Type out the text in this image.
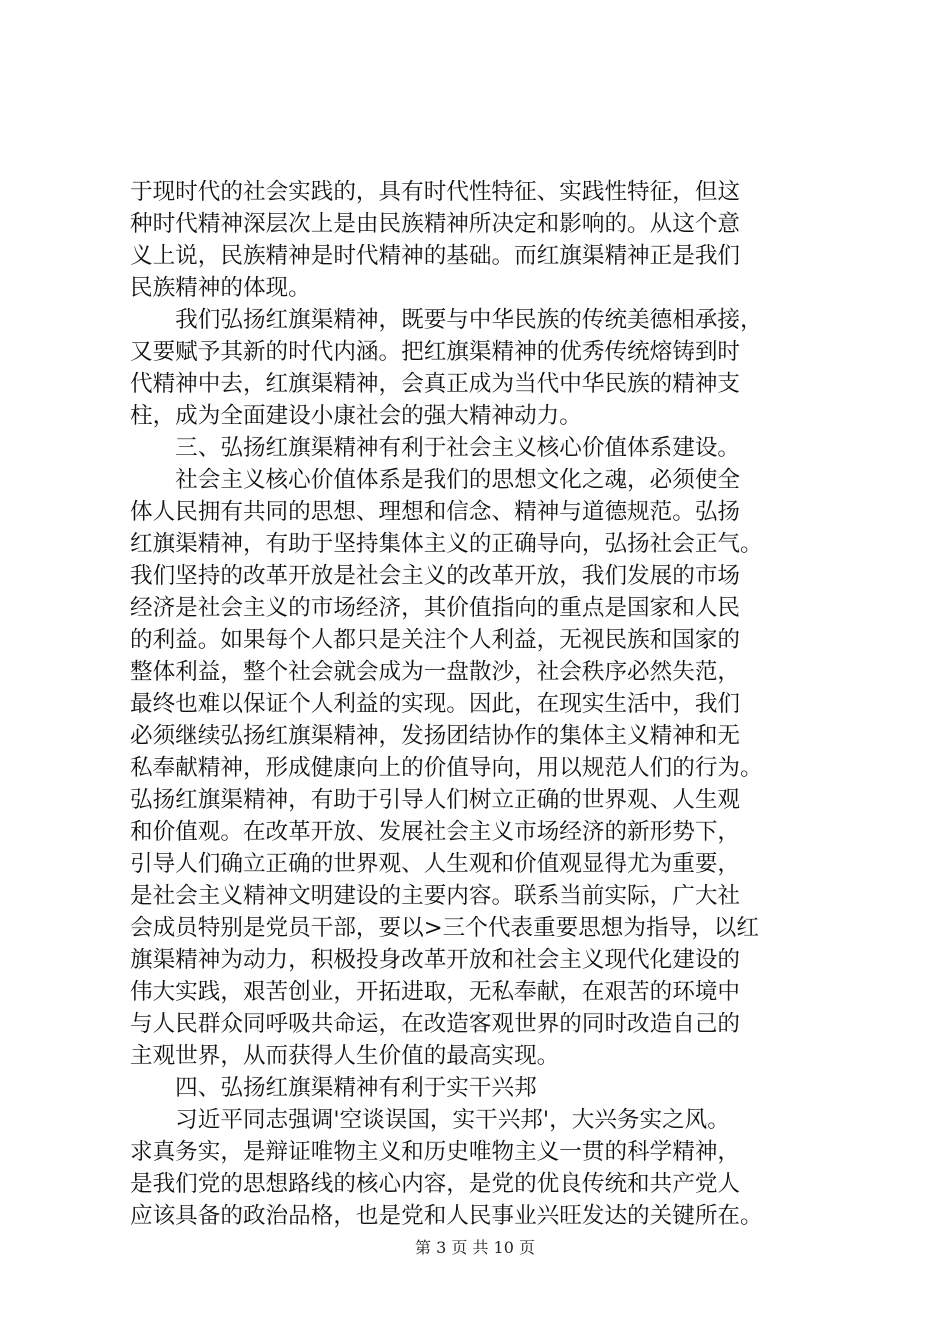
于现时代的社会实践的，具有时代性特征、实践性特征，但这
种时代精神深层次上是由民族精神所决定和影响的。从这个意
义上说，民族精神是时代精神的基础。而红旗渠精神正是我们
民族精神的体现。
　　我们弘扬红旗渠精神，既要与中华民族的传统美德相承接，
又要赋予其新的时代内涵。把红旗渠精神的优秀传统熔铸到时
代精神中去，红旗渠精神，会真正成为当代中华民族的精神支
柱，成为全面建设小康社会的强大精神动力。
　　三、弘扬红旗渠精神有利于社会主义核心价值体系建设。
　　社会主义核心价值体系是我们的思想文化之魂，必须使全
体人民拥有共同的思想、理想和信念、精神与道德规范。弘扬
红旗渠精神，有助于坚持集体主义的正确导向，弘扬社会正气。
我们坚持的改革开放是社会主义的改革开放，我们发展的市场
经济是社会主义的市场经济，其价值指向的重点是国家和人民
的利益。如果每个人都只是关注个人利益，无视民族和国家的
整体利益，整个社会就会成为一盘散沙，社会秩序必然失范，
最终也难以保证个人利益的实现。因此，在现实生活中，我们
必须继续弘扬红旗渠精神，发扬团结协作的集体主义精神和无
私奉献精神，形成健康向上的价值导向，用以规范人们的行为。
弘扬红旗渠精神，有助于引导人们树立正确的世界观、人生观
和价值观。在改革开放、发展社会主义市场经济的新形势下，
引导人们确立正确的世界观、人生观和价值观显得尤为重要，
是社会主义精神文明建设的主要内容。联系当前实际，广大社
会成员特别是党员干部，要以>三个代表重要思想为指导，以红
旗渠精神为动力，积极投身改革开放和社会主义现代化建设的
伟大实践，艰苦创业，开拓进取，无私奉献，在艰苦的环境中
与人民群众同呼吸共命运，在改造客观世界的同时改造自己的
主观世界，从而获得人生价值的最高实现。
　　四、弘扬红旗渠精神有利于实干兴邦
　　习近平同志强调'空谈误国，实干兴邦'，大兴务实之风。
求真务实，是辩证唯物主义和历史唯物主义一贯的科学精神，
是我们党的思想路线的核心内容，是党的优良传统和共产党人
应该具备的政治品格，也是党和人民事业兴旺发达的关键所在。
第 3 页 共 10 页
